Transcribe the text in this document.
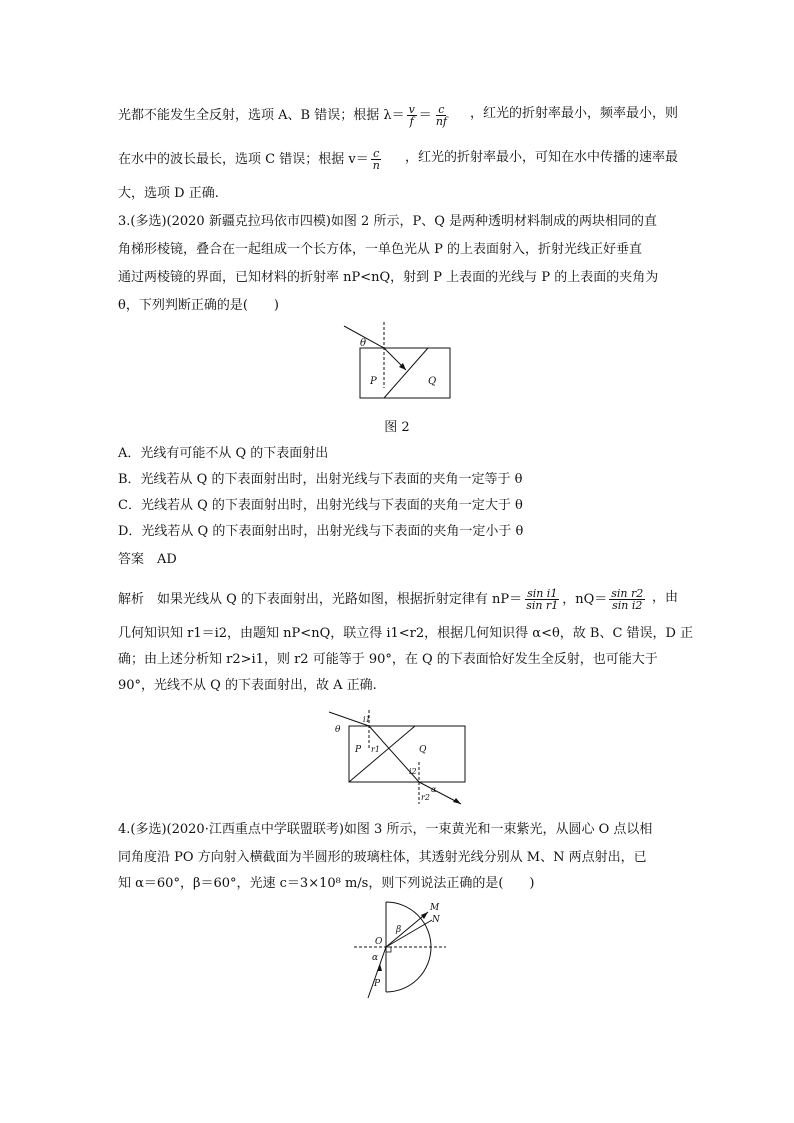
光都不能发生全反射，选项 A、B 错误；根据 $\lambda= \frac{v}{f} = \frac{c}{nf}$ ，红光的折射率最小，频率最小，则
在水中的波长最长，选项 C 错误；根据 $v= \frac{c}{n}$ ，红光的折射率最小，可知在水中传播的速率最
大，选项 D 正确.
3.(多选)(2020 新疆克拉玛依市四模)如图 2 所示，P、Q 是两种透明材料制成的两块相同的直
角梯形棱镜，叠合在一起组成一个长方体，一单色光从 P 的上表面射入，折射光线正好垂直
通过两棱镜的界面，已知材料的折射率 nP<nQ，射到 P 上表面的光线与 P 的上表面的夹角为
θ，下列判断正确的是(　　)
θ
P	Q
图 2
A．光线有可能不从 Q 的下表面射出
B．光线若从 Q 的下表面射出时，出射光线与下表面的夹角一定等于 θ
C．光线若从 Q 的下表面射出时，出射光线与下表面的夹角一定大于 θ
D．光线若从 Q 的下表面射出时，出射光线与下表面的夹角一定小于 θ
答案　AD
解析　如果光线从 Q 的下表面射出，光路如图，根据折射定律有 $nP= \frac{\text{sin i1}}{\text{sin r1}}$ ，$nQ= \frac{\text{sin r2}}{\text{sin i2}}$ ，由
几何知识知 r1＝i2，由题知 nP<nQ，联立得 i1<r2，根据几何知识得 α<θ，故 B、C 错误，D 正
确；由上述分析知 r2>i1，则 r2 可能等于 90°，在 Q 的下表面恰好发生全反射，也可能大于
90°，光线不从 Q 的下表面射出，故 A 正确.
θ
i1
r1
P	Q
i2
r2
α
4.(多选)(2020·江西重点中学联盟联考)如图 3 所示，一束黄光和一束紫光，从圆心 O 点以相
同角度沿 PO 方向射入横截面为半圆形的玻璃柱体，其透射光线分别从 M、N 两点射出，已
知 α＝60°，β＝60°，光速 c＝3×10⁸ m/s，则下列说法正确的是(　　)
M
N
β
O
α
P
